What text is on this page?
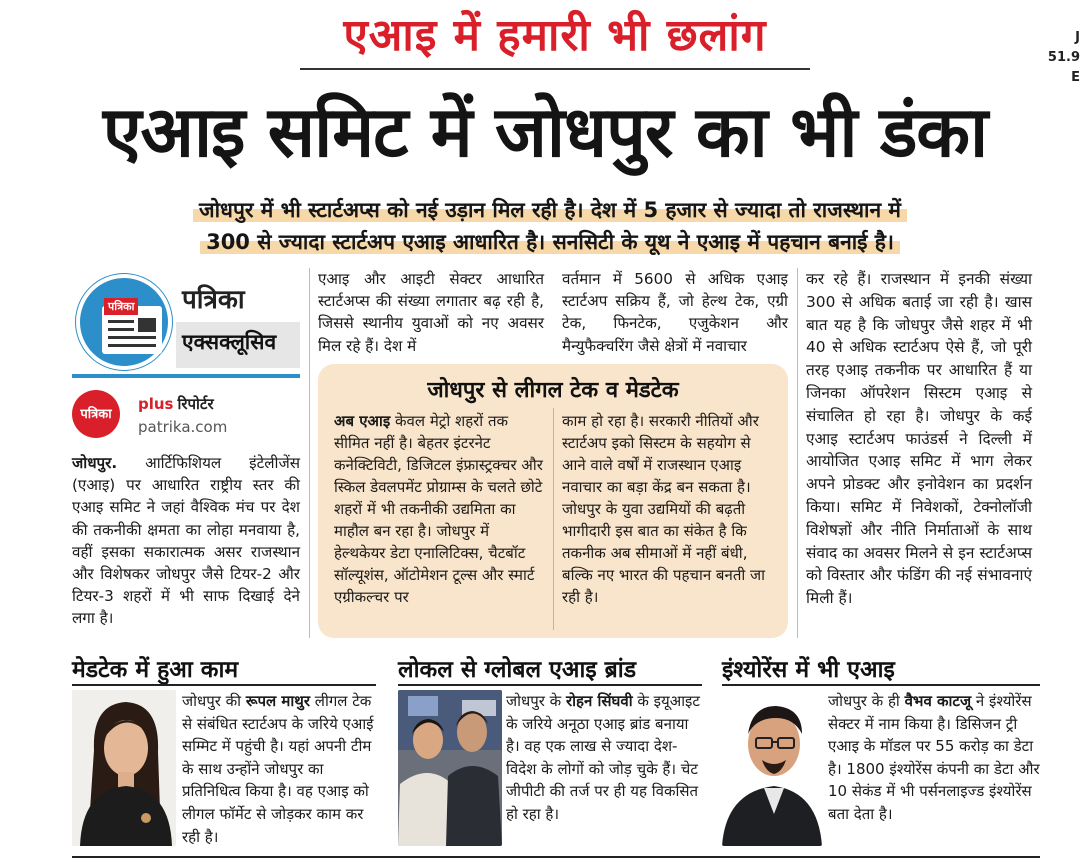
एआइ में हमारी भी छलांग	J
51.9
E
एआइ समिट में जोधपुर का भी डंका
जोधपुर में भी स्टार्टअप्स को नई उड़ान मिल रही है। देश में 5 हजार से ज्यादा तो राजस्थान में
300 से ज्यादा स्टार्टअप एआइ आधारित है। सनसिटी के यूथ ने एआइ में पहचान बनाई है।
पत्रिका पत्रिका
एक्सक्लूसिव
पत्रिका
plus रिपोर्टर
patrika.com
जोधपुर. आर्टिफिशियल इंटेलीजेंस (एआइ) पर आधारित राष्ट्रीय स्तर की एआइ समिट ने जहां वैश्विक मंच पर देश की तकनीकी क्षमता का लोहा मनवाया है, वहीं इसका सकारात्मक असर राजस्थान और विशेषकर जोधपुर जैसे टियर-2 और टियर-3 शहरों में भी साफ दिखाई देने लगा है।
एआइ और आइटी सेक्टर आधारित स्टार्टअप्स की संख्या लगातार बढ़ रही है, जिससे स्थानीय युवाओं को नए अवसर मिल रहे हैं। देश में
वर्तमान में 5600 से अधिक एआइ स्टार्टअप सक्रिय हैं, जो हेल्थ टेक, एग्री टेक, फिनटेक, एजुकेशन और मैन्युफैक्चरिंग जैसे क्षेत्रों में नवाचार
कर रहे हैं। राजस्थान में इनकी संख्या 300 से अधिक बताई जा रही है। खास बात यह है कि जोधपुर जैसे शहर में भी 40 से अधिक स्टार्टअप ऐसे हैं, जो पूरी तरह एआइ तकनीक पर आधारित हैं या जिनका ऑपरेशन सिस्टम एआइ से संचालित हो रहा है। जोधपुर के कई एआइ स्टार्टअप फाउंडर्स ने दिल्ली में आयोजित एआइ समिट में भाग लेकर अपने प्रोडक्ट और इनोवेशन का प्रदर्शन किया। समिट में निवेशकों, टेक्नोलॉजी विशेषज्ञों और नीति निर्माताओं के साथ संवाद का अवसर मिलने से इन स्टार्टअप्स को विस्तार और फंडिंग की नई संभावनाएं मिली हैं।
जोधपुर से लीगल टेक व मेडटेक
अब एआइ केवल मेट्रो शहरों तक सीमित नहीं है। बेहतर इंटरनेट कनेक्टिविटी, डिजिटल इंफ्रास्ट्रक्चर और स्किल डेवलपमेंट प्रोग्राम्स के चलते छोटे शहरों में भी तकनीकी उद्यमिता का माहौल बन रहा है। जोधपुर में हेल्थकेयर डेटा एनालिटिक्स, चैटबॉट सॉल्यूशंस, ऑटोमेशन टूल्स और स्मार्ट एग्रीकल्चर पर
काम हो रहा है। सरकारी नीतियों और स्टार्टअप इको सिस्टम के सहयोग से आने वाले वर्षों में राजस्थान एआइ नवाचार का बड़ा केंद्र बन सकता है। जोधपुर के युवा उद्यमियों की बढ़ती भागीदारी इस बात का संकेत है कि तकनीक अब सीमाओं में नहीं बंधी, बल्कि नए भारत की पहचान बनती जा रही है।
मेडटेक में हुआ काम	लोकल से ग्लोबल एआइ ब्रांड	इंश्योरेंस में भी एआइ
जोधपुर की रूपल माथुर लीगल टेक से संबंधित स्टार्टअप के जरिये एआई सम्मिट में पहुंची है। यहां अपनी टीम के साथ उन्होंने जोधपुर का प्रतिनिधित्व किया है। वह एआइ को लीगल फॉर्मेट से जोड़कर काम कर रही है।
जोधपुर के रोहन सिंघवी के इयूआइट के जरिये अनूठा एआइ ब्रांड बनाया है। वह एक लाख से ज्यादा देश-विदेश के लोगों को जोड़ चुके हैं। चेट जीपीटी की तर्ज पर ही यह विकसित हो रहा है।
जोधपुर के ही वैभव काटजू ने इंश्योरेंस सेक्टर में नाम किया है। डिसिजन ट्री एआइ के मॉडल पर 55 करोड़ का डेटा है। 1800 इंश्योरेंस कंपनी का डेटा और 10 सेकंड में भी पर्सनलाइज्ड इंश्योरेंस बता देता है।
